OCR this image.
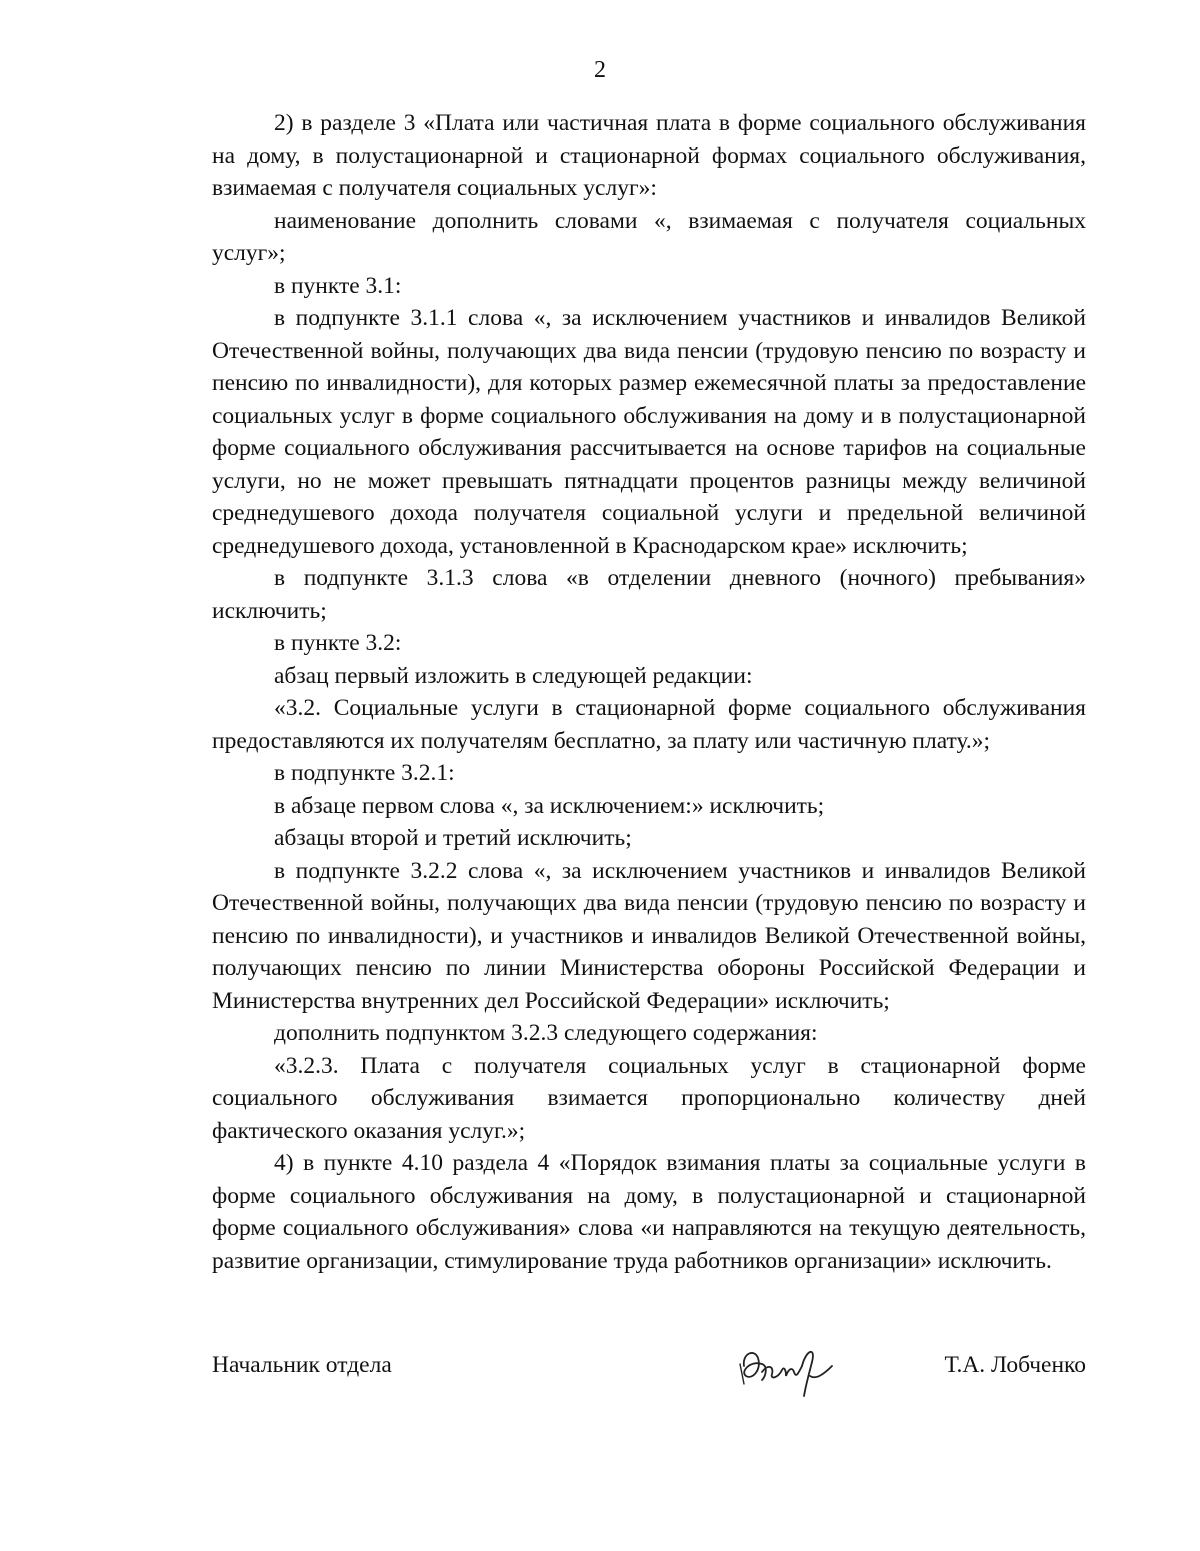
2

2) в разделе 3 «Плата или частичная плата в форме социального обслуживания на дому, в полустационарной и стационарной формах социального обслуживания, взимаемая с получателя социальных услуг»:

наименование дополнить словами «, взимаемая с получателя социальных услуг»;

в пункте 3.1:

в подпункте 3.1.1 слова «, за исключением участников и инвалидов Великой Отечественной войны, получающих два вида пенсии (трудовую пенсию по возрасту и пенсию по инвалидности), для которых размер ежемесячной платы за предоставление социальных услуг в форме социального обслуживания на дому и в полустационарной форме социального обслуживания рассчитывается на основе тарифов на социальные услуги, но не может превышать пятнадцати процентов разницы между величиной среднедушевого дохода получателя социальной услуги и предельной величиной среднедушевого дохода, установленной в Краснодарском крае» исключить;

в подпункте 3.1.3 слова «в отделении дневного (ночного) пребывания» исключить;

в пункте 3.2:

абзац первый изложить в следующей редакции:

«3.2. Социальные услуги в стационарной форме социального обслуживания предоставляются их получателям бесплатно, за плату или частичную плату.»;

в подпункте 3.2.1:

в абзаце первом слова «, за исключением:» исключить;

абзацы второй и третий исключить;

в подпункте 3.2.2 слова «, за исключением участников и инвалидов Великой Отечественной войны, получающих два вида пенсии (трудовую пенсию по возрасту и пенсию по инвалидности), и участников и инвалидов Великой Отечественной войны, получающих пенсию по линии Министерства обороны Российской Федерации и Министерства внутренних дел Российской Федерации» исключить;

дополнить подпунктом 3.2.3 следующего содержания:

«3.2.3. Плата с получателя социальных услуг в стационарной форме социального обслуживания взимается пропорционально количеству дней фактического оказания услуг.»;

4) в пункте 4.10 раздела 4 «Порядок взимания платы за социальные услуги в форме социального обслуживания на дому, в полустационарной и стационарной форме социального обслуживания» слова «и направляются на текущую деятельность, развитие организации, стимулирование труда работников организации» исключить.

Начальник отдела	Т.А. Лобченко
